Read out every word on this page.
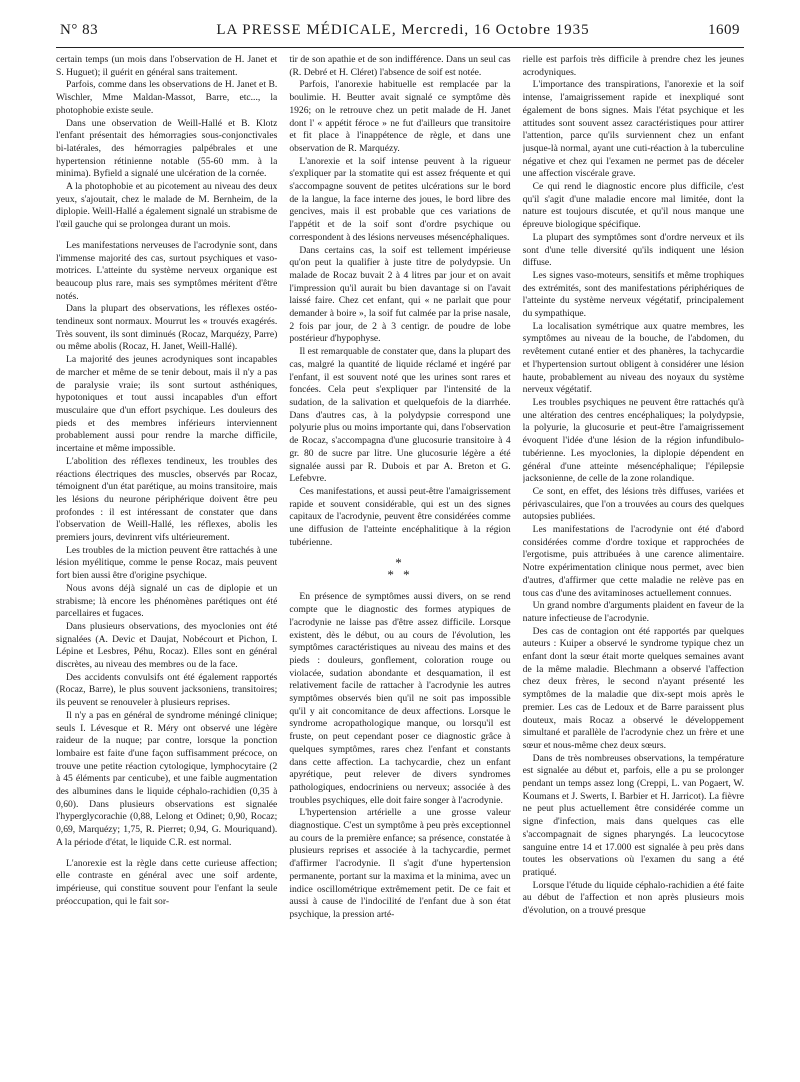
N° 83	LA PRESSE MÉDICALE, Mercredi, 16 Octobre 1935	1609

certain temps (un mois dans l'observation de H. Janet et S. Huguet); il guérit en général sans traitement.

Parfois, comme dans les observations de H. Janet et B. Wischler, Mme Maldan-Massot, Barre, etc..., la photophobie existe seule.

Dans une observation de Weill-Hallé et B. Klotz l'enfant présentait des hémorragies sous-conjonctivales bi-latérales, des hémorragies palpébrales et une hypertension rétinienne notable (55-60 mm. à la minima). Byfield a signalé une ulcération de la cornée.

A la photophobie et au picotement au niveau des deux yeux, s'ajoutait, chez le malade de M. Bernheim, de la diplopie. Weill-Hallé a également signalé un strabisme de l'œil gauche qui se prolongea durant un mois.

Les manifestations nerveuses de l'acrodynie sont, dans l'immense majorité des cas, surtout psychiques et vaso-motrices. L'atteinte du système nerveux organique est beaucoup plus rare, mais ses symptômes méritent d'être notés.

Dans la plupart des observations, les réflexes ostéo-tendineux sont normaux. Mourrut les « trouvés exagérés. Très souvent, ils sont diminués (Rocaz, Marquézy, Parre) ou même abolis (Rocaz, H. Janet, Weill-Hallé).

La majorité des jeunes acrodyniques sont incapables de marcher et même de se tenir debout, mais il n'y a pas de paralysie vraie; ils sont surtout asthéniques, hypotoniques et tout aussi incapables d'un effort musculaire que d'un effort psychique. Les douleurs des pieds et des membres inférieurs interviennent probablement aussi pour rendre la marche difficile, incertaine et même impossible.

L'abolition des réflexes tendineux, les troubles des réactions électriques des muscles, observés par Rocaz, témoignent d'un état parétique, au moins transitoire, mais les lésions du neurone périphérique doivent être peu profondes : il est intéressant de constater que dans l'observation de Weill-Hallé, les réflexes, abolis les premiers jours, devinrent vifs ultérieurement.

Les troubles de la miction peuvent être rattachés à une lésion myélitique, comme le pense Rocaz, mais peuvent fort bien aussi être d'origine psychique.

Nous avons déjà signalé un cas de diplopie et un strabisme; là encore les phénomènes parétiques ont été parcellaires et fugaces.

Dans plusieurs observations, des myoclonies ont été signalées (A. Devic et Daujat, Nobécourt et Pichon, I. Lépine et Lesbres, Péhu, Rocaz). Elles sont en général discrètes, au niveau des membres ou de la face.

Des accidents convulsifs ont été également rapportés (Rocaz, Barre), le plus souvent jacksoniens, transitoires; ils peuvent se renouveler à plusieurs reprises.

Il n'y a pas en général de syndrome méningé clinique; seuls I. Lévesque et R. Méry ont observé une légère raideur de la nuque; par contre, lorsque la ponction lombaire est faite d'une façon suffisamment précoce, on trouve une petite réaction cytologique, lymphocytaire (2 à 45 éléments par centicube), et une faible augmentation des albumines dans le liquide céphalo-rachidien (0,35 à 0,60). Dans plusieurs observations est signalée l'hyperglycorachie (0,88, Lelong et Odinet; 0,90, Rocaz; 0,69, Marquézy; 1,75, R. Pierret; 0,94, G. Mouriquand). A la période d'état, le liquide C.R. est normal.

L'anorexie est la règle dans cette curieuse affection; elle contraste en général avec une soif ardente, impérieuse, qui constitue souvent pour l'enfant la seule préoccupation, qui le fait sor-

tir de son apathie et de son indifférence. Dans un seul cas (R. Debré et H. Cléret) l'absence de soif est notée.

Parfois, l'anorexie habituelle est remplacée par la boulimie. H. Beutter avait signalé ce symptôme dès 1926; on le retrouve chez un petit malade de H. Janet dont l' « appétit féroce » ne fut d'ailleurs que transitoire et fit place à l'inappétence de règle, et dans une observation de R. Marquézy.

L'anorexie et la soif intense peuvent à la rigueur s'expliquer par la stomatite qui est assez fréquente et qui s'accompagne souvent de petites ulcérations sur le bord de la langue, la face interne des joues, le bord libre des gencives, mais il est probable que ces variations de l'appétit et de la soif sont d'ordre psychique ou correspondent à des lésions nerveuses mésencéphaliques.

Dans certains cas, la soif est tellement impérieuse qu'on peut la qualifier à juste titre de polydypsie. Un malade de Rocaz buvait 2 à 4 litres par jour et on avait l'impression qu'il aurait bu bien davantage si on l'avait laissé faire. Chez cet enfant, qui « ne parlait que pour demander à boire », la soif fut calmée par la prise nasale, 2 fois par jour, de 2 à 3 centigr. de poudre de lobe postérieur d'hypophyse.

Il est remarquable de constater que, dans la plupart des cas, malgré la quantité de liquide réclamé et ingéré par l'enfant, il est souvent noté que les urines sont rares et foncées. Cela peut s'expliquer par l'intensité de la sudation, de la salivation et quelquefois de la diarrhée. Dans d'autres cas, à la polydypsie correspond une polyurie plus ou moins importante qui, dans l'observation de Rocaz, s'accompagna d'une glucosurie transitoire à 4 gr. 80 de sucre par litre. Une glucosurie légère a été signalée aussi par R. Dubois et par A. Breton et G. Lefebvre.

Ces manifestations, et aussi peut-être l'amaigrissement rapide et souvent considérable, qui est un des signes capitaux de l'acrodynie, peuvent être considérées comme une diffusion de l'atteinte encéphalitique à la région tubérienne.

*
* *

En présence de symptômes aussi divers, on se rend compte que le diagnostic des formes atypiques de l'acrodynie ne laisse pas d'être assez difficile. Lorsque existent, dès le début, ou au cours de l'évolution, les symptômes caractéristiques au niveau des mains et des pieds : douleurs, gonflement, coloration rouge ou violacée, sudation abondante et desquamation, il est relativement facile de rattacher à l'acrodynie les autres symptômes observés bien qu'il ne soit pas impossible qu'il y ait concomitance de deux affections. Lorsque le syndrome acropathologique manque, ou lorsqu'il est fruste, on peut cependant poser ce diagnostic grâce à quelques symptômes, rares chez l'enfant et constants dans cette affection. La tachycardie, chez un enfant apyrétique, peut relever de divers syndromes pathologiques, endocriniens ou nerveux; associée à des troubles psychiques, elle doit faire songer à l'acrodynie.

L'hypertension artérielle a une grosse valeur diagnostique. C'est un symptôme à peu près exceptionnel au cours de la première enfance; sa présence, constatée à plusieurs reprises et associée à la tachycardie, permet d'affirmer l'acrodynie. Il s'agit d'une hypertension permanente, portant sur la maxima et la minima, avec un indice oscillométrique extrêmement petit. De ce fait et aussi à cause de l'indocilité de l'enfant due à son état psychique, la pression arté-

rielle est parfois très difficile à prendre chez les jeunes acrodyniques.

L'importance des transpirations, l'anorexie et la soif intense, l'amaigrissement rapide et inexpliqué sont également de bons signes. Mais l'état psychique et les attitudes sont souvent assez caractéristiques pour attirer l'attention, parce qu'ils surviennent chez un enfant jusque-là normal, ayant une cuti-réaction à la tuberculine négative et chez qui l'examen ne permet pas de déceler une affection viscérale grave.

Ce qui rend le diagnostic encore plus difficile, c'est qu'il s'agit d'une maladie encore mal limitée, dont la nature est toujours discutée, et qu'il nous manque une épreuve biologique spécifique.

La plupart des symptômes sont d'ordre nerveux et ils sont d'une telle diversité qu'ils indiquent une lésion diffuse.

Les signes vaso-moteurs, sensitifs et même trophiques des extrémités, sont des manifestations périphériques de l'atteinte du système nerveux végétatif, principalement du sympathique.

La localisation symétrique aux quatre membres, les symptômes au niveau de la bouche, de l'abdomen, du revêtement cutané entier et des phanères, la tachycardie et l'hypertension surtout obligent à considérer une lésion haute, probablement au niveau des noyaux du système nerveux végétatif.

Les troubles psychiques ne peuvent être rattachés qu'à une altération des centres encéphaliques; la polydypsie, la polyurie, la glucosurie et peut-être l'amaigrissement évoquent l'idée d'une lésion de la région infundibulo-tubérienne. Les myoclonies, la diplopie dépendent en général d'une atteinte mésencéphalique; l'épilepsie jacksonienne, de celle de la zone rolandique.

Ce sont, en effet, des lésions très diffuses, variées et périvasculaires, que l'on a trouvées au cours des quelques autopsies publiées.

Les manifestations de l'acrodynie ont été d'abord considérées comme d'ordre toxique et rapprochées de l'ergotisme, puis attribuées à une carence alimentaire. Notre expérimentation clinique nous permet, avec bien d'autres, d'affirmer que cette maladie ne relève pas en tous cas d'une des avitaminoses actuellement connues.

Un grand nombre d'arguments plaident en faveur de la nature infectieuse de l'acrodynie.

Des cas de contagion ont été rapportés par quelques auteurs : Kuiper a observé le syndrome typique chez un enfant dont la sœur était morte quelques semaines avant de la même maladie. Blechmann a observé l'affection chez deux frères, le second n'ayant présenté les symptômes de la maladie que dix-sept mois après le premier. Les cas de Ledoux et de Barre paraissent plus douteux, mais Rocaz a observé le développement simultané et parallèle de l'acrodynie chez un frère et une sœur et nous-même chez deux sœurs.

Dans de très nombreuses observations, la température est signalée au début et, parfois, elle a pu se prolonger pendant un temps assez long (Creppi, L. van Pogaert, W. Koumans et J. Swerts, I. Barbier et H. Jarricot). La fièvre ne peut plus actuellement être considérée comme un signe d'infection, mais dans quelques cas elle s'accompagnait de signes pharyngés. La leucocytose sanguine entre 14 et 17.000 est signalée à peu près dans toutes les observations où l'examen du sang a été pratiqué.

Lorsque l'étude du liquide céphalo-rachidien a été faite au début de l'affection et non après plusieurs mois d'évolution, on a trouvé presque
